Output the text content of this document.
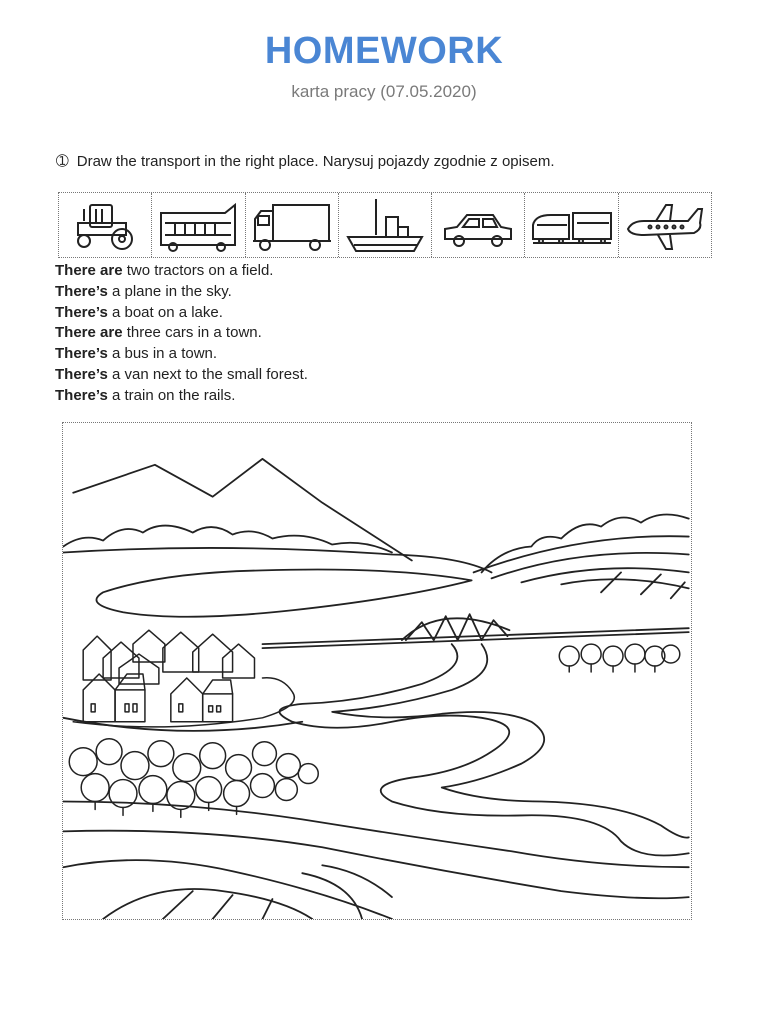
HOMEWORK
karta pracy (07.05.2020)
➀ Draw the transport in the right place. Narysuj pojazdy zgodnie z opisem.
There are two tractors on a field.
There’s a plane in the sky.
There’s a boat on a lake.
There are three cars in a town.
There’s a bus in a town.
There’s a van next to the small forest.
There’s a train on the rails.
